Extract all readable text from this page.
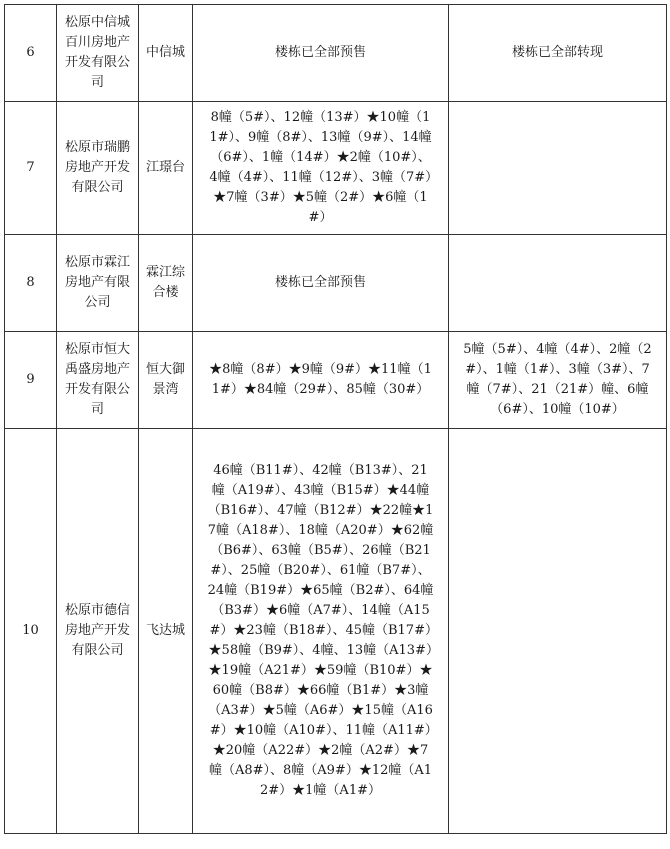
6	松原中信城百川房地产开发有限公司	中信城	楼栋已全部预售	楼栋已全部转现
7	松原市瑞鹏房地产开发有限公司	江璟台	8幢（5#）、12幢（13#）★10幢（11#）、9幢（8#）、13幢（9#）、14幢（6#）、1幢（14#）★2幢（10#）、4幢（4#）、11幢（12#）、3幢（7#）★7幢（3#）★5幢（2#）★6幢（1#）	
8	松原市霖江房地产有限公司	霖江综合楼	楼栋已全部预售	
9	松原市恒大禹盛房地产开发有限公司	恒大御景湾	★8幢（8#）★9幢（9#）★11幢（11#）★84幢（29#）、85幢（30#）	5幢（5#）、4幢（4#）、2幢（2#）、1幢（1#）、3幢（3#）、7幢（7#）、21（21#）幢、6幢（6#）、10幢（10#）
10	松原市德信房地产开发有限公司	飞达城	46幢（B11#）、42幢（B13#）、21幢（A19#）、43幢（B15#）★44幢（B16#）、47幢（B12#）★22幢★17幢（A18#）、18幢（A20#）★62幢（B6#）、63幢（B5#）、26幢（B21#）、25幢（B20#）、61幢（B7#）、24幢（B19#）★65幢（B2#）、64幢（B3#）★6幢（A7#）、14幢（A15#）★23幢（B18#）、45幢（B17#）★58幢（B9#）、4幢、13幢（A13#）★19幢（A21#）★59幢（B10#）★60幢（B8#）★66幢（B1#）★3幢（A3#）★5幢（A6#）★15幢（A16#）★10幢（A10#）、11幢（A11#）★20幢（A22#）★2幢（A2#）★7幢（A8#）、8幢（A9#）★12幢（A12#）★1幢（A1#）	
